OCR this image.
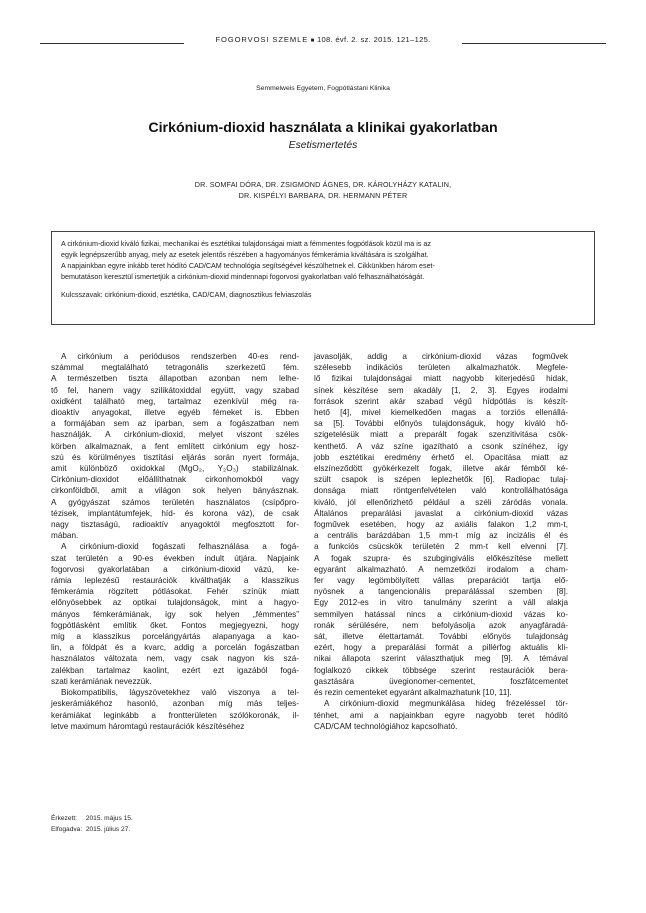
FOGORVOSI SZEMLE ■ 108. évf. 2. sz. 2015. 121–125.
Semmelweis Egyetem, Fogpótlástani Klinika
Cirkónium-dioxid használata a klinikai gyakorlatban
Esetismertetés
DR. SOMFAI DÓRA, DR. ZSIGMOND ÁGNES, DR. KÁROLYHÁZY KATALIN,
DR. KISPÉLYI BARBARA, DR. HERMANN PÉTER

A cirkónium-dioxid kiváló fizikai, mechanikai és esztétikai tulajdonságai miatt a fémmentes fogpótlások közül ma is az
egyik legnépszerűbb anyag, mely az esetek jelentős részében a hagyományos fémkerámia kiváltására is szolgálhat.
A napjainkban egyre inkább teret hódító CAD/CAM technológia segítségével készülhetnek el. Cikkünkben három eset-
bemutatáson keresztül ismertetjük a cirkónium-dioxid mindennapi fogorvosi gyakorlatban való felhasználhatóságát.

Kulcsszavak: cirkónium-dioxid, esztétika, CAD/CAM, diagnosztikus felviaszolás

A cirkónium a periódusos rendszerben 40-es rend-

számmal megtalálható tetragonális szerkezetű fém.

A természetben tiszta állapotban azonban nem lelhe-

tő fel, hanem vagy szilikátoxiddal együtt, vagy szabad

oxidként található meg, tartalmaz ezenkívül még ra-

dioaktív anyagokat, illetve egyéb fémeket is. Ebben

a formájában sem az iparban, sem a fogászatban nem

használják. A cirkónium-dioxid, melyet viszont széles

körben alkalmaznak, a fent említett cirkónium egy hosz-

szú és körülményes tisztítási eljárás során nyert formája,

amit különböző oxidokkal (MgO₂, Y₂O₃) stabilizálnak.

Cirkónium-dioxidot előállíthatnak cirkonhomokból vagy

cirkonföldből, amit a világon sok helyen bányásznak.

A gyógyászat számos területén használatos (csípőpro-

tézisek, implantátumfejek, híd- és korona váz), de csak

nagy tisztaságú, radioaktív anyagoktól megfosztott for-

mában.

A cirkónium-dioxid fogászati felhasználása a fogá-

szat területén a 90-es években indult útjára. Napjaink

fogorvosi gyakorlatában a cirkónium-dioxid vázú, ke-

rámia leplezésű restaurációk kiválthatják a klasszikus

fémkerámia rögzített pótlásokat. Fehér színük miatt

előnyösebbek az optikai tulajdonságok, mint a hagyo-

mányos fémkerámiának, így sok helyen „fémmentes”

fogpótlásként említik őket. Fontos megjegyezni, hogy

míg a klasszikus porcelángyártás alapanyaga a kao-

lin, a földpát és a kvarc, addig a porcelán fogászatban

használatos változata nem, vagy csak nagyon kis szá-

zalékban tartalmaz kaolint, ezért ezt igazából fogá-

szati kerámiának nevezzük.

Biokompatibilis, lágyszövetekhez való viszonya a tel-

jeskerámiákéhoz hasonló, azonban míg más teljes-

kerámiákat leginkább a frontterületen szólókoronák, il-

letve maximum háromtagú restaurációk készítéséhez

javasolják, addig a cirkónium-dioxid vázas fogművek

szélesebb indikációs területen alkalmazhatók. Megfele-

lő fizikai tulajdonságai miatt nagyobb kiterjedésű hidak,

sínek készítése sem akadály [1, 2, 3]. Egyes irodalmi

források szerint akár szabad végű hídpótlás is készít-

hető [4], mivel kiemelkedően magas a torziós ellenállá-

sa [5]. További előnyös tulajdonságuk, hogy kiváló hő-

szigetelésük miatt a preparált fogak szenzitivitása csök-

kenthető. A váz színe igazítható a csonk színéhez, így

jobb esztétikai eredmény érhető el. Opacitása miatt az

elszíneződött gyökérkezelt fogak, illetve akár fémből ké-

szült csapok is szépen leplezhetők [6]. Radiopac tulaj-

donsága miatt röntgenfelvételen való kontrollálhatósága

kiváló, jól ellenőrizhető például a széli záródás vonala.

Általános preparálási javaslat a cirkónium-dioxid vázas

fogművek esetében, hogy az axiális falakon 1,2 mm-t,

a centrális barázdában 1,5 mm-t míg az incizális él és

a funkciós csücskök területén 2 mm-t kell elvenni [7].

A fogak szupra- és szubgingivális előkészítése mellett

egyaránt alkalmazható. A nemzetközi irodalom a cham-

fer vagy legömbölyített vállas preparációt tartja elő-

nyösnek a tangencionális preparálással szemben [8].

Egy 2012-es in vitro tanulmány szerint a váll alakja

semmilyen hatással nincs a cirkónium-dioxid vázas ko-

ronák sérülésére, nem befolyásolja azok anyagfáradá-

sát, illetve élettartamát. További előnyös tulajdonság

ezért, hogy a preparálási formát a pillérfog aktuális kli-

nikai állapota szerint választhatjuk meg [9]. A témával

foglalkozó cikkek többsége szerint restaurációk bera-

gasztására üvegionomer-cementet, foszfátcementet

és rezin cementeket egyaránt alkalmazhatunk [10, 11].

A cirkónium-dioxid megmunkálása hideg frézeléssel tör-

ténhet, ami a napjainkban egyre nagyobb teret hódító

CAD/CAM technológiához kapcsolható.

Érkezett: 2015. május 15.
Elfogadva: 2015. július 27.
